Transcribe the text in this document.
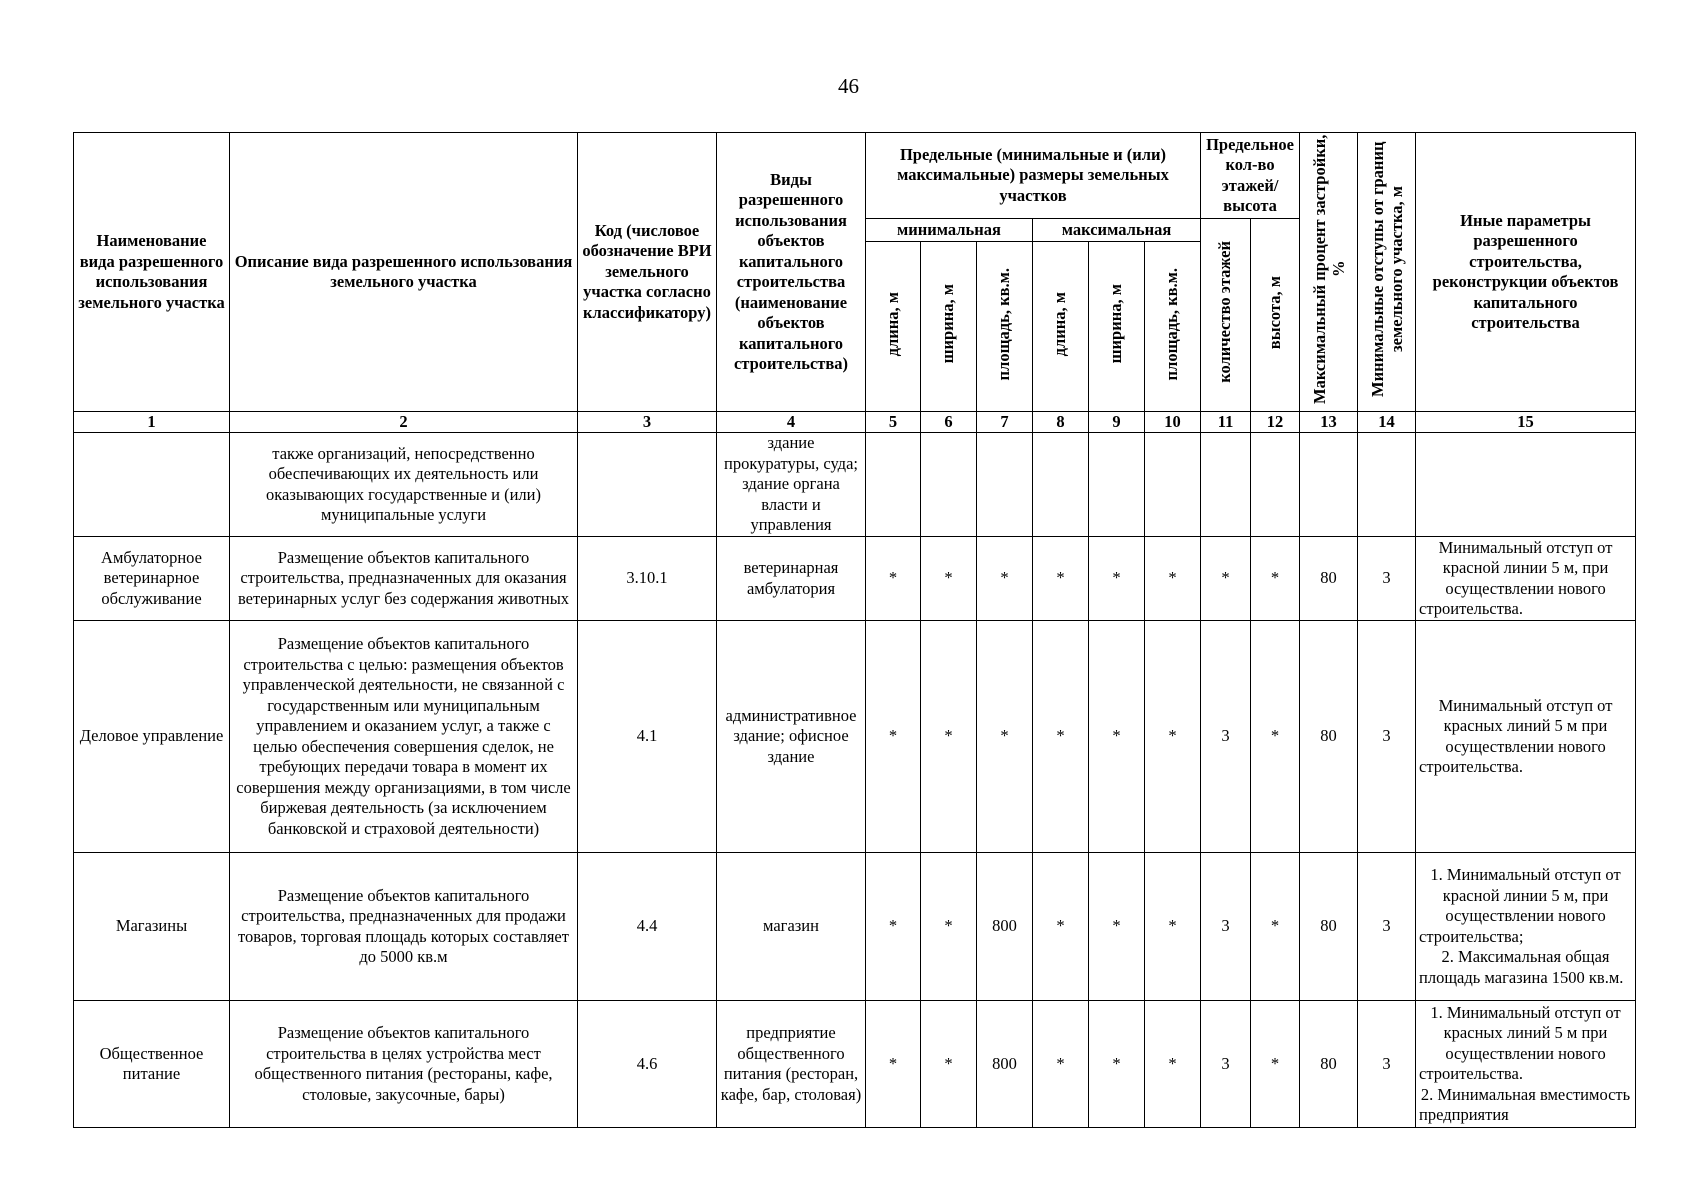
46
Наименование вида разрешенного использования земельного участка	Описание вида разрешенного использования земельного участка	Код (числовое обозначение ВРИ земельного участка согласно классификатору)	Виды разрешенного использования объектов капитального строительства (наименование объектов капитального строительства)	Предельные (минимальные и (или) максимальные) размеры земельных участков						Предельное кол-во этажей/ высота		Максимальный процент застройки, %	Минимальные отступы от границ земельного участка, м	Иные параметры разрешенного строительства, реконструкции объектов капитального строительства
				минимальная			максимальная			количество этажей	высота, м			
				длина, м	ширина, м	площадь, кв.м.	длина, м	ширина, м	площадь, кв.м.					
1	2	3	4	5	6	7	8	9	10	11	12	13	14	15
	также организаций, непосредственно обеспечивающих их деятельность или оказывающих государственные и (или) муниципальные услуги		здание прокуратуры, суда; здание органа власти и управления											
Амбулаторное ветеринарное обслуживание	Размещение объектов капитального строительства, предназначенных для оказания ветеринарных услуг без содержания животных	3.10.1	ветеринарная амбулатория	*	*	*	*	*	*	*	*	80	3	Минимальный отступ от красной линии 5 м, при осуществлении нового строительства.

Деловое управление	Размещение объектов капитального строительства с целью: размещения объектов управленческой деятельности, не связанной с государственным или муниципальным управлением и оказанием услуг, а также с целью обеспечения совершения сделок, не требующих передачи товара в момент их совершения между организациями, в том числе биржевая деятельность (за исключением банковской и страховой деятельности)	4.1	административное здание; офисное здание	*	*	*	*	*	*	3	*	80	3	Минимальный отступ от красных линий 5 м при осуществлении нового строительства.

Магазины	Размещение объектов капитального строительства, предназначенных для продажи товаров, торговая площадь которых составляет до 5000 кв.м	4.4	магазин	*	*	800	*	*	*	3	*	80	3	1. Минимальный отступ от красной линии 5 м, при осуществлении нового строительства;
2. Максимальная общая площадь магазина 1500 кв.м.

Общественное питание	Размещение объектов капитального строительства в целях устройства мест общественного питания (рестораны, кафе, столовые, закусочные, бары)	4.6	предприятие общественного питания (ресторан, кафе, бар, столовая)	*	*	800	*	*	*	3	*	80	3	1. Минимальный отступ от красных линий 5 м при осуществлении нового строительства.
2. Минимальная вместимость предприятия
